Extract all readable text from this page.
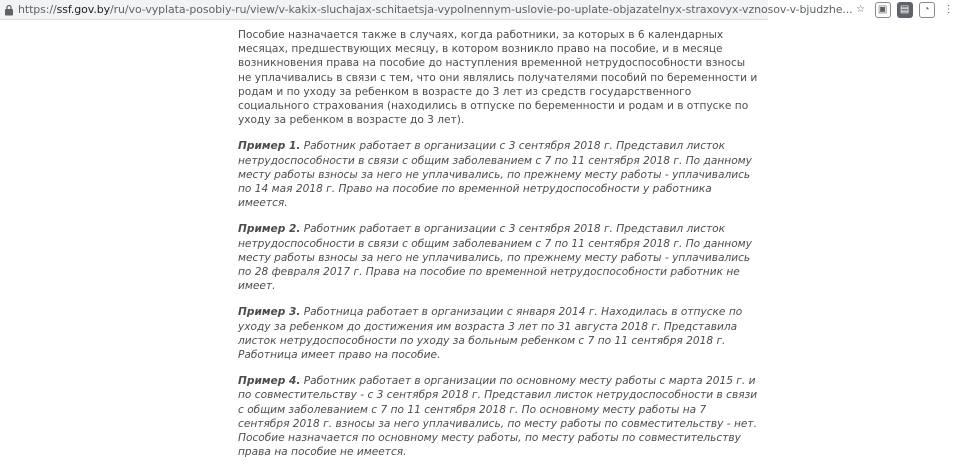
https://ssf.gov.by/ru/vo-vyplata-posobiy-ru/view/v-kakix-sluchajax-schitaetsja-vypolnennym-uslovie-po-uplate-objazatelnyx-straxovyx-vznosov-v-bjudzhe... ☆	▣	▤	◔	⋮

Пособие назначается также в случаях, когда работники, за которых в 6 календарных месяцах, предшествующих месяцу, в котором возникло право на пособие, и в месяце возникновения права на пособие до наступления временной нетрудоспособности взносы не уплачивались в связи с тем, что они являлись получателями пособий по беременности и родам и по уходу за ребенком в возрасте до 3 лет из средств государственного социального страхования (находились в отпуске по беременности и родам и в отпуске по уходу за ребенком в возрасте до 3 лет).

Пример 1. Работник работает в организации с 3 сентября 2018 г. Представил листок нетрудоспособности в связи с общим заболеванием с 7 по 11 сентября 2018 г. По данному месту работы взносы за него не уплачивались, по прежнему месту работы - уплачивались по 14 мая 2018 г. Право на пособие по временной нетрудоспособности у работника имеется.

Пример 2. Работник работает в организации с 3 сентября 2018 г. Представил листок нетрудоспособности в связи с общим заболеванием с 7 по 11 сентября 2018 г. По данному месту работы взносы за него не уплачивались, по прежнему месту работы - уплачивались по 28 февраля 2017 г. Права на пособие по временной нетрудоспособности работник не имеет.

Пример 3. Работница работает в организации с января 2014 г. Находилась в отпуске по уходу за ребенком до достижения им возраста 3 лет по 31 августа 2018 г. Представила листок нетрудоспособности по уходу за больным ребенком с 7 по 11 сентября 2018 г. Работница имеет право на пособие.

Пример 4. Работник работает в организации по основному месту работы с марта 2015 г. и по совместительству - с 3 сентября 2018 г. Представил листок нетрудоспособности в связи с общим заболеванием с 7 по 11 сентября 2018 г. По основному месту работы на 7 сентября 2018 г. взносы за него уплачивались, по месту работы по совместительству - нет. Пособие назначается по основному месту работы, по месту работы по совместительству права на пособие не имеется.
